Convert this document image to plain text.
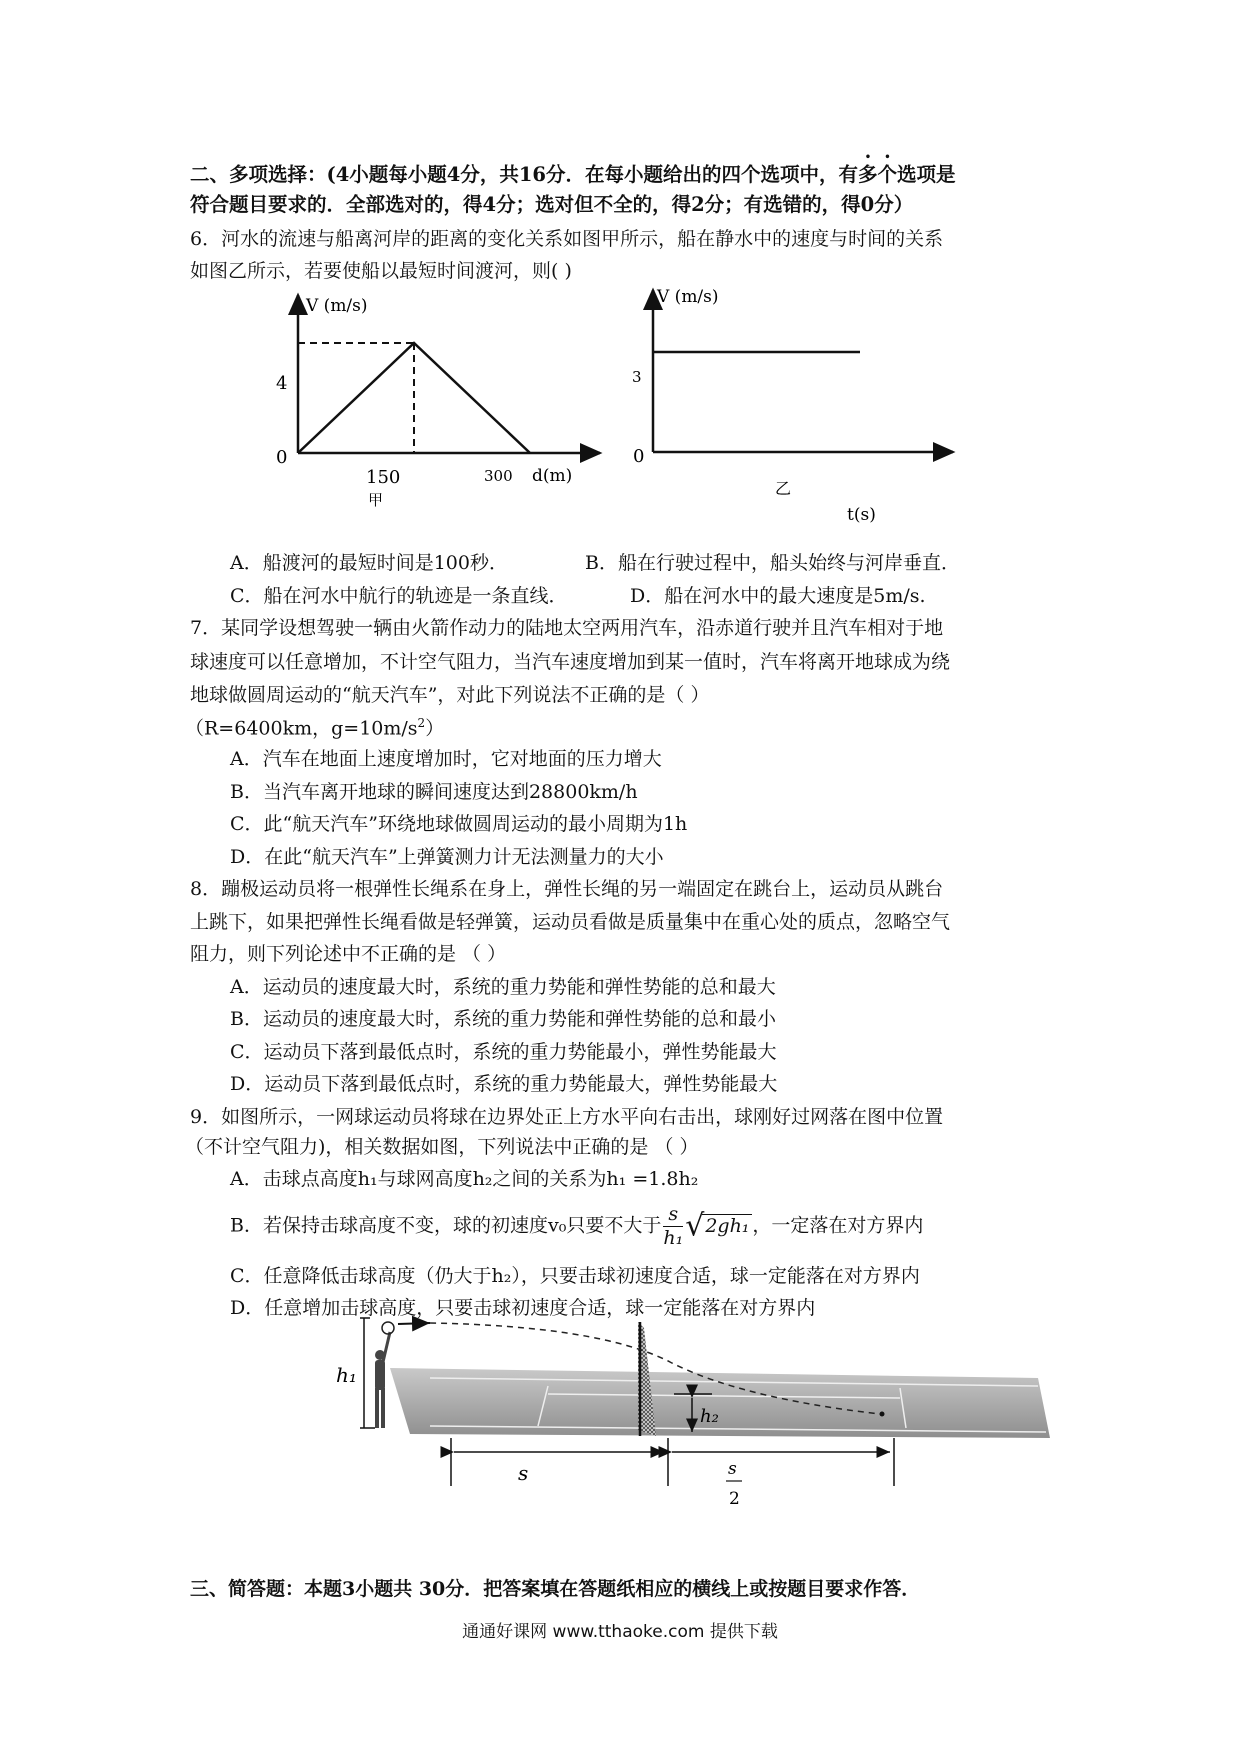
二、多项选择：(4小题每小题4分，共16分．在每小题给出的四个选项中，有多个选项是
符合题目要求的．全部选对的，得4分；选对但不全的，得2分；有选错的，得0分）
6．河水的流速与船离河岸的距离的变化关系如图甲所示，船在静水中的速度与时间的关系
如图乙所示，若要使船以最短时间渡河，则( )
V (m/s)
4
0
150	300 d(m)
甲
V (m/s)
3
0
乙
t(s)
A．船渡河的最短时间是100秒．	B．船在行驶过程中，船头始终与河岸垂直．
C．船在河水中航行的轨迹是一条直线．	D．船在河水中的最大速度是5m/s.
7．某同学设想驾驶一辆由火箭作动力的陆地太空两用汽车，沿赤道行驶并且汽车相对于地
球速度可以任意增加，不计空气阻力，当汽车速度增加到某一值时，汽车将离开地球成为绕
地球做圆周运动的“航天汽车”，对此下列说法不正确的是（ ）
（R=6400km，$g=10m/s^2$）
A．汽车在地面上速度增加时，它对地面的压力增大
B．当汽车离开地球的瞬间速度达到28800km/h
C．此“航天汽车”环绕地球做圆周运动的最小周期为1h
D．在此“航天汽车”上弹簧测力计无法测量力的大小
8．蹦极运动员将一根弹性长绳系在身上，弹性长绳的另一端固定在跳台上，运动员从跳台
上跳下，如果把弹性长绳看做是轻弹簧，运动员看做是质量集中在重心处的质点，忽略空气
阻力，则下列论述中不正确的是 （ ）
A．运动员的速度最大时，系统的重力势能和弹性势能的总和最大
B．运动员的速度最大时，系统的重力势能和弹性势能的总和最小
C．运动员下落到最低点时，系统的重力势能最小，弹性势能最大
D．运动员下落到最低点时，系统的重力势能最大，弹性势能最大
9．如图所示，一网球运动员将球在边界处正上方水平向右击出，球刚好过网落在图中位置
（不计空气阻力)，相关数据如图，下列说法中正确的是 （ ）
A．击球点高度h₁与球网高度h₂之间的关系为h₁ =1.8h₂
B．若保持击球高度不变，球的初速度v₀只要不大于 $\frac{s}{\text{h₁}} √2gh_1$ ，一定落在对方界内
C．任意降低击球高度（仍大于h₂），只要击球初速度合适，球一定能落在对方界内
D．任意增加击球高度，只要击球初速度合适，球一定能落在对方界内
h₁
h₂
s	s
2
三、简答题：本题3小题共 30分．把答案填在答题纸相应的横线上或按题目要求作答．
通通好课网 www.tthaoke.com 提供下载
